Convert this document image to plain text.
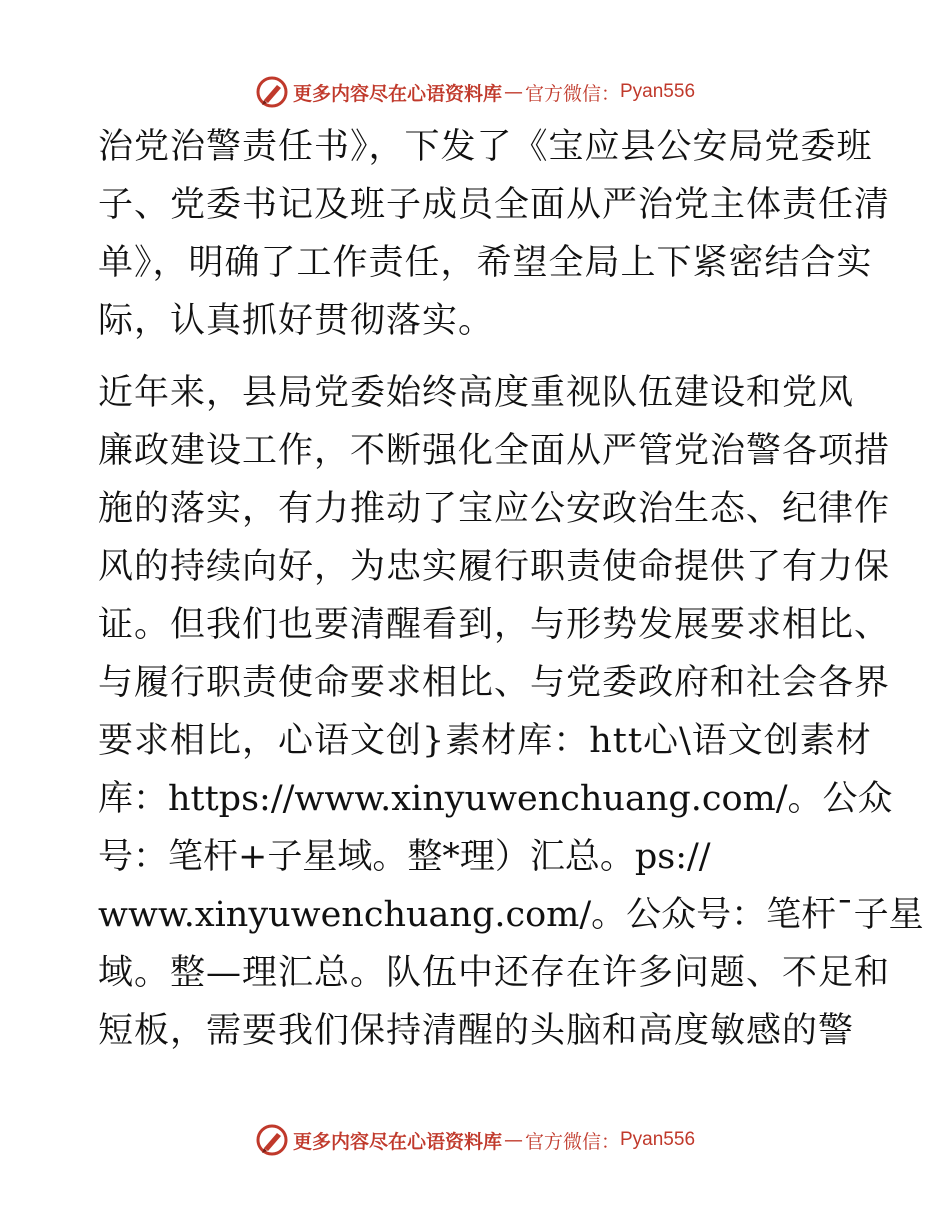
更多内容尽在心语资料库 — 官方微信： Pyan556
治党治警责任书》，下发了《宝应县公安局党委班
子、党委书记及班子成员全面从严治党主体责任清
单》，明确了工作责任，希望全局上下紧密结合实
际，认真抓好贯彻落实。
近年来，县局党委始终高度重视队伍建设和党风
廉政建设工作，不断强化全面从严管党治警各项措
施的落实，有力推动了宝应公安政治生态、纪律作
风的持续向好，为忠实履行职责使命提供了有力保
证。但我们也要清醒看到，与形势发展要求相比、
与履行职责使命要求相比、与党委政府和社会各界
要求相比，心语文创}素材库：htt心\语文创素材
库：https://www.xinyuwenchuang.com/。公众
号：笔杆+子星域。整*理）汇总。ps://
www.xinyuwenchuang.com/。公众号：笔杆¯子星
域。整—理汇总。队伍中还存在许多问题、不足和
短板，需要我们保持清醒的头脑和高度敏感的警
更多内容尽在心语资料库 — 官方微信： Pyan556
